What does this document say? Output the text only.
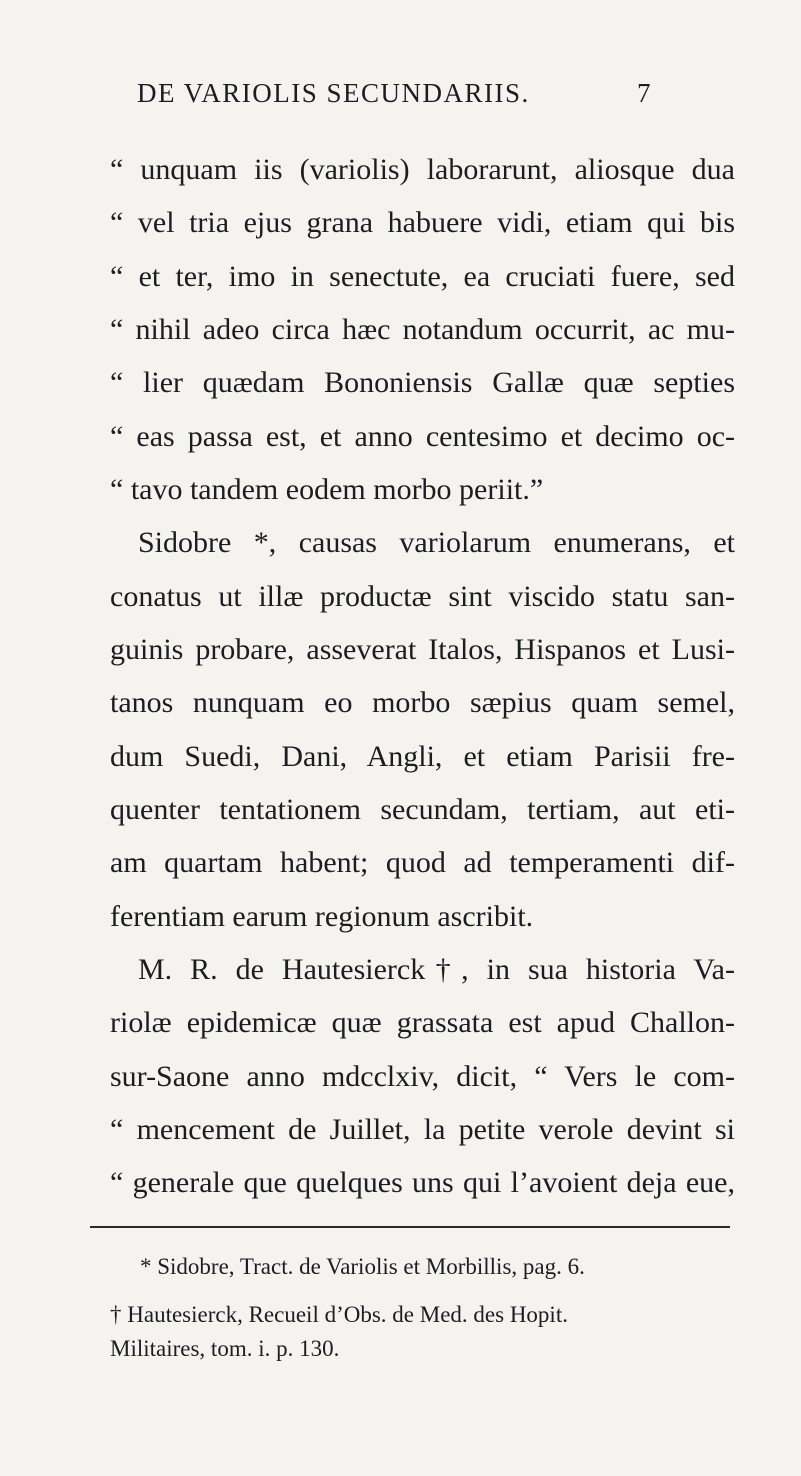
DE VARIOLIS SECUNDARIIS.	7
“ unquam iis (variolis) laborarunt, aliosque dua
“ vel tria ejus grana habuere vidi, etiam qui bis
“ et ter, imo in senectute, ea cruciati fuere, sed
“ nihil adeo circa hæc notandum occurrit, ac mu-
“ lier quædam Bononiensis Gallæ quæ septies
“ eas passa est, et anno centesimo et decimo oc-
“ tavo tandem eodem morbo periit.”
Sidobre *, causas variolarum enumerans, et
conatus ut illæ productæ sint viscido statu san-
guinis probare, asseverat Italos, Hispanos et Lusi-
tanos nunquam eo morbo sæpius quam semel,
dum Suedi, Dani, Angli, et etiam Parisii fre-
quenter tentationem secundam, tertiam, aut eti-
am quartam habent; quod ad temperamenti dif-
ferentiam earum regionum ascribit.
M. R. de Hautesierck†, in sua historia Va-
riolæ epidemicæ quæ grassata est apud Challon-
sur-Saone anno mdcclxiv, dicit, “ Vers le com-
“ mencement de Juillet, la petite verole devint si
“ generale que quelques uns qui l’avoient deja eue,
* Sidobre, Tract. de Variolis et Morbillis, pag. 6.
† Hautesierck, Recueil d’Obs. de Med. des Hopit.
Militaires, tom. i. p. 130.
